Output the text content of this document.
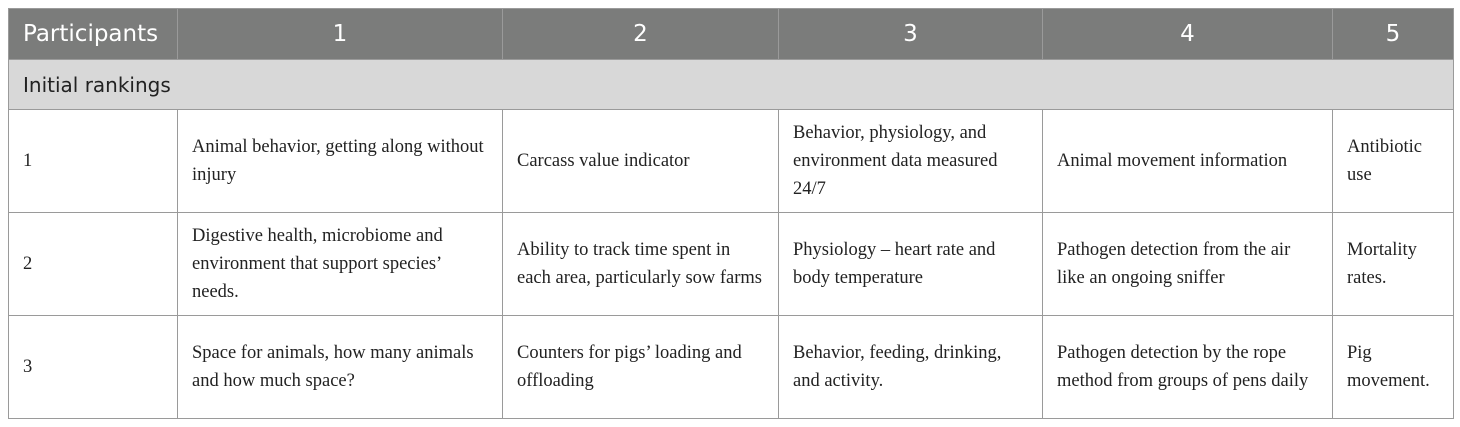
Participants	1	2	3	4	5
Initial rankings					
1	Animal behavior, getting along without injury	Carcass value indicator	Behavior, physiology, and environment data measured 24/7	Animal movement information	Antibiotic use
2	Digestive health, microbiome and environment that support species’ needs.	Ability to track time spent in each area, particularly sow farms	Physiology – heart rate and body temperature	Pathogen detection from the air like an ongoing sniffer	Mortality rates.
3	Space for animals, how many animals and how much space?	Counters for pigs’ loading and offloading	Behavior, feeding, drinking, and activity.	Pathogen detection by the rope method from groups of pens daily	Pig movement.
